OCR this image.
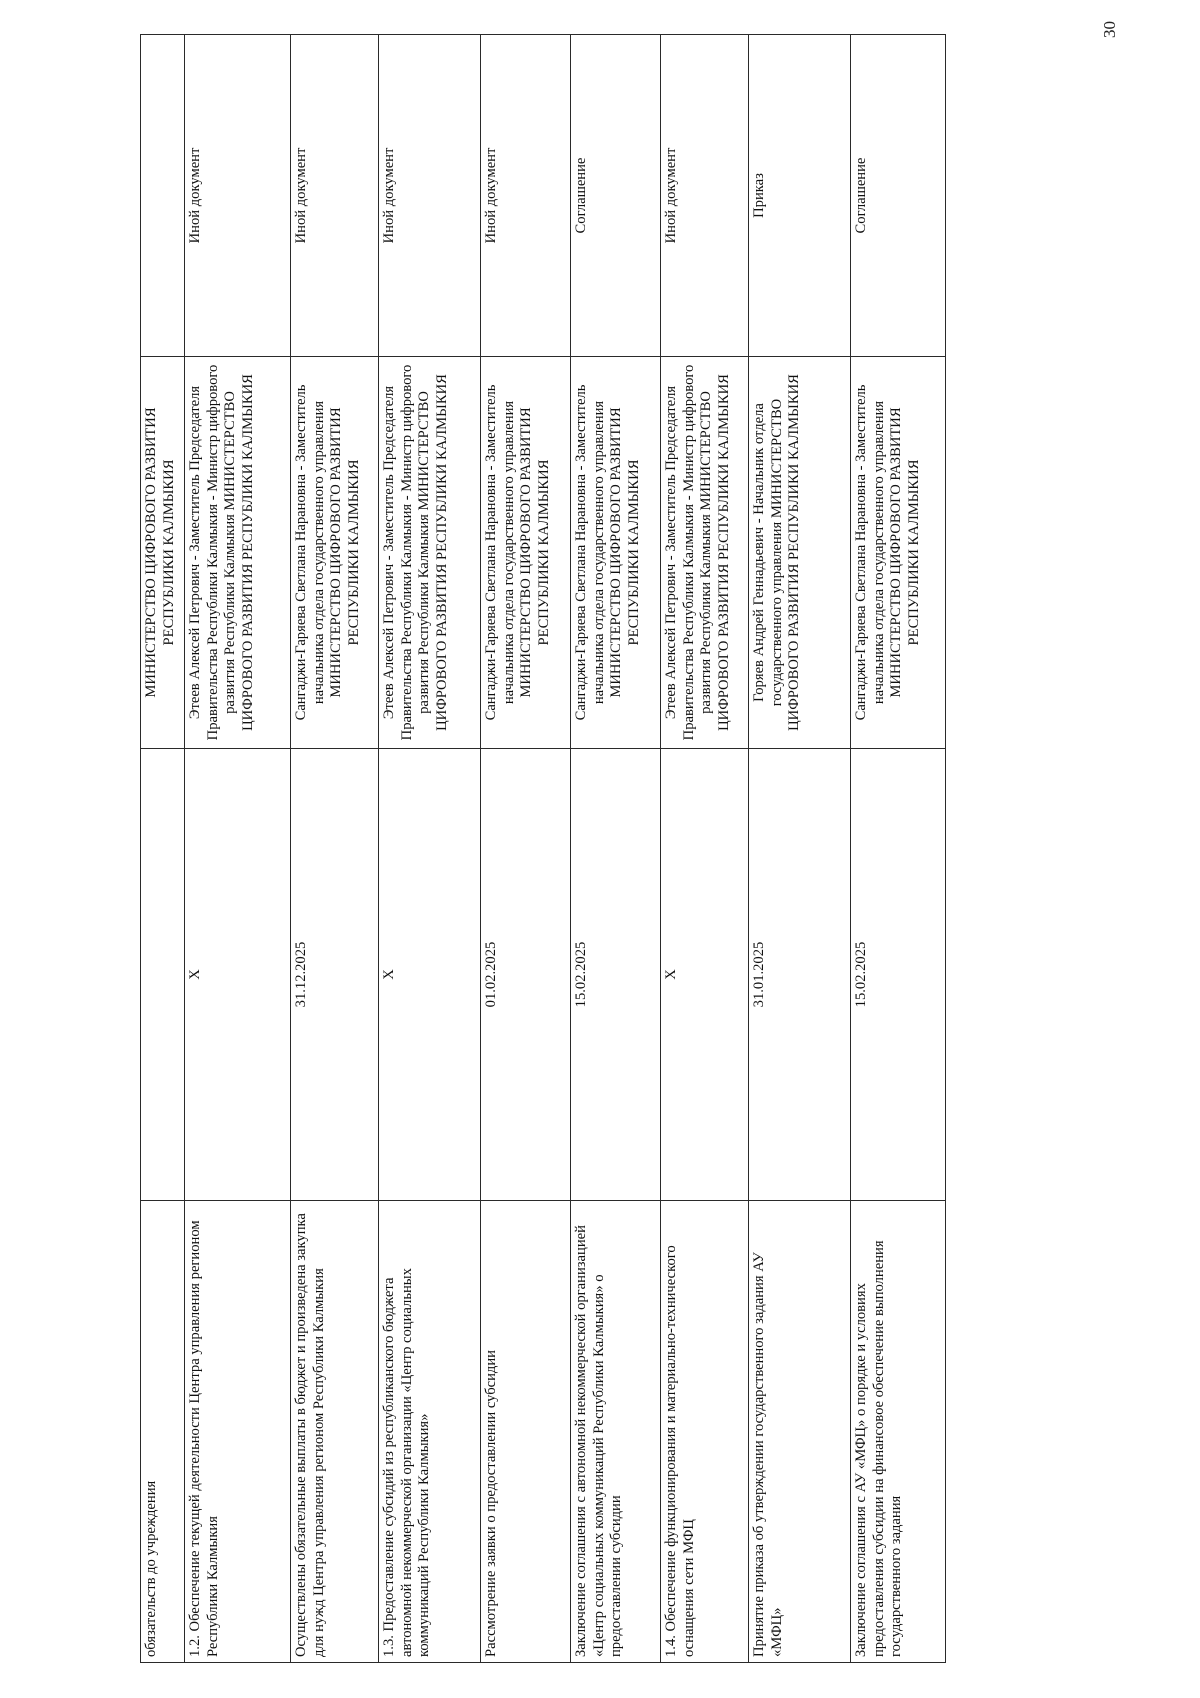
30
обязательств до учреждения		МИНИСТЕРСТВО ЦИФРОВОГО РАЗВИТИЯ РЕСПУБЛИКИ КАЛМЫКИЯ	
1.2. Обеспечение текущей деятельности Центра управления регионом Республики Калмыкия	X	Этеев Алексей Петрович - Заместитель Председателя Правительства Республики Калмыкия - Министр цифрового развития Республики Калмыкия МИНИСТЕРСТВО ЦИФРОВОГО РАЗВИТИЯ РЕСПУБЛИКИ КАЛМЫКИЯ	Иной документ
Осуществлены обязательные выплаты в бюджет и произведена закупка для нужд Центра управления регионом Республики Калмыкия	31.12.2025	Сангаджи-Гаряева Светлана Нарановна - Заместитель начальника отдела государственного управления МИНИСТЕРСТВО ЦИФРОВОГО РАЗВИТИЯ РЕСПУБЛИКИ КАЛМЫКИЯ	Иной документ
1.3. Предоставление субсидий из республиканского бюджета автономной некоммерческой организации «Центр социальных коммуникаций Республики Калмыкия»	X	Этеев Алексей Петрович - Заместитель Председателя Правительства Республики Калмыкия - Министр цифрового развития Республики Калмыкия МИНИСТЕРСТВО ЦИФРОВОГО РАЗВИТИЯ РЕСПУБЛИКИ КАЛМЫКИЯ	Иной документ
Рассмотрение заявки о предоставлении субсидии	01.02.2025	Сангаджи-Гаряева Светлана Нарановна - Заместитель начальника отдела государственного управления МИНИСТЕРСТВО ЦИФРОВОГО РАЗВИТИЯ РЕСПУБЛИКИ КАЛМЫКИЯ	Иной документ
Заключение соглашения с автономной некоммерческой организацией «Центр социальных коммуникаций Республики Калмыкия» о предоставлении субсидии	15.02.2025	Сангаджи-Гаряева Светлана Нарановна - Заместитель начальника отдела государственного управления МИНИСТЕРСТВО ЦИФРОВОГО РАЗВИТИЯ РЕСПУБЛИКИ КАЛМЫКИЯ	Соглашение
1.4. Обеспечение функционирования и материально-технического оснащения сети МФЦ	X	Этеев Алексей Петрович - Заместитель Председателя Правительства Республики Калмыкия - Министр цифрового развития Республики Калмыкия МИНИСТЕРСТВО ЦИФРОВОГО РАЗВИТИЯ РЕСПУБЛИКИ КАЛМЫКИЯ	Иной документ
Принятие приказа об утверждении государственного задания АУ «МФЦ»	31.01.2025	Горяев Андрей Геннадьевич - Начальник отдела государственного управления МИНИСТЕРСТВО ЦИФРОВОГО РАЗВИТИЯ РЕСПУБЛИКИ КАЛМЫКИЯ	Приказ
Заключение соглашения с АУ «МФЦ» о порядке и условиях предоставления субсидии на финансовое обеспечение выполнения государственного задания	15.02.2025	Сангаджи-Гаряева Светлана Нарановна - Заместитель начальника отдела государственного управления МИНИСТЕРСТВО ЦИФРОВОГО РАЗВИТИЯ РЕСПУБЛИКИ КАЛМЫКИЯ	Соглашение
